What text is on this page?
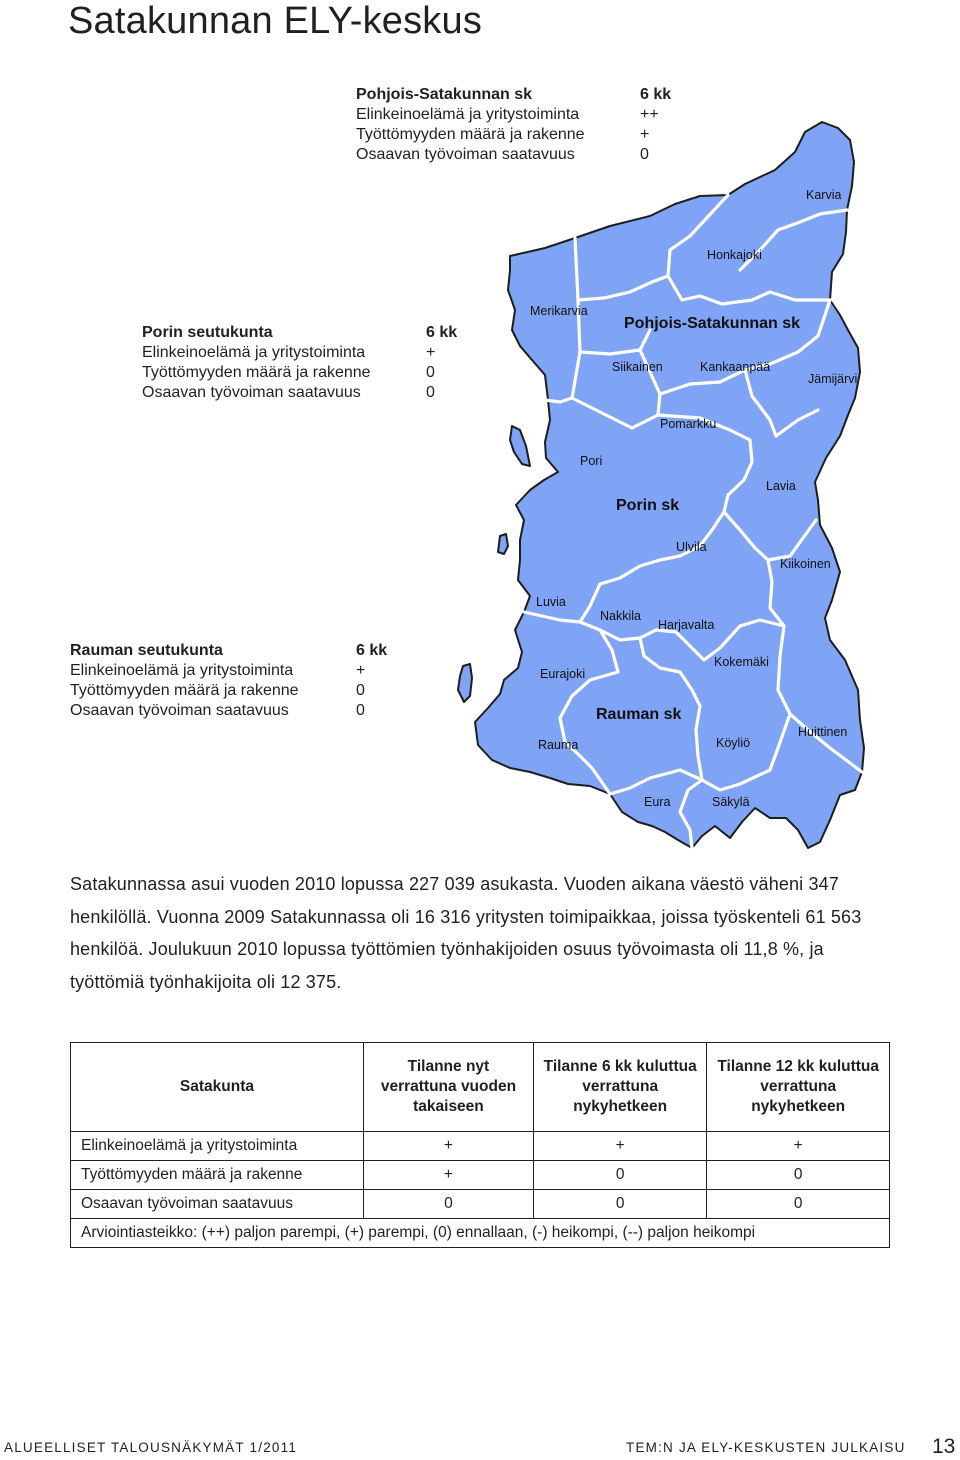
Satakunnan ELY-keskus
Pohjois-Satakunnan sk
Porin sk
Rauman sk
Karvia
Honkajoki
Merikarvia
Siikainen	Kankaanpää
Jämijärvi
Pomarkku
Pori
Lavia
Ulvila
Kiikoinen
Luvia
Nakkila
Harjavalta
Eurajoki
Kokemäki
Rauma	Köyliö
Huittinen
Eura	Säkylä
Pohjois-Satakunnan sk	6 kk
Elinkeinoelämä ja yritystoiminta	++
Työttömyyden määrä ja rakenne	+
Osaavan työvoiman saatavuus	0
Porin seutukunta	6 kk
Elinkeinoelämä ja yritystoiminta	+
Työttömyyden määrä ja rakenne	0
Osaavan työvoiman saatavuus	0
Rauman seutukunta	6 kk
Elinkeinoelämä ja yritystoiminta	+
Työttömyyden määrä ja rakenne	0
Osaavan työvoiman saatavuus	0

Satakunnassa asui vuoden 2010 lopussa 227 039 asukasta. Vuoden aikana väestö väheni 347 henkilöllä. Vuonna 2009 Satakunnassa oli 16 316 yritysten toimipaikkaa, joissa työskenteli 61 563 henkilöä. Joulukuun 2010 lopussa työttömien työnhakijoiden osuus työvoimasta oli 11,8 %, ja työttömiä työnhakijoita oli 12 375.

Satakunta	Tilanne nyt verrattuna vuoden takaiseen	Tilanne 6 kk kuluttua verrattuna nykyhetkeen	Tilanne 12 kk kuluttua verrattuna nykyhetkeen
Elinkeinoelämä ja yritystoiminta	+	+	+
Työttömyyden määrä ja rakenne	+	0	0
Osaavan työvoiman saatavuus	0	0	0
Arviointiasteikko: (++) paljon parempi, (+) parempi, (0) ennallaan, (-) heikompi, (--) paljon heikompi			
ALUEELLISET TALOUSNÄKYMÄT 1/2011	TEM:N JA ELY-KESKUSTEN JULKAISU 13
